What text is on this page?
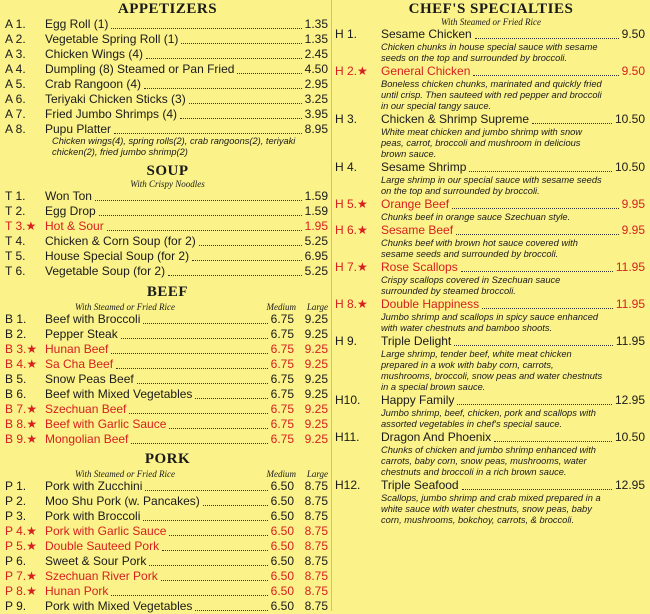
APPETIZERS
A 1.	Egg Roll (1)	1.35
A 2.	Vegetable Spring Roll (1)	1.35
A 3.	Chicken Wings (4)	2.45
A 4.	Dumpling (8) Steamed or Pan Fried	4.50
A 5.	Crab Rangoon (4)	2.95
A 6.	Teriyaki Chicken Sticks (3)	3.25
A 7.	Fried Jumbo Shrimps (4)	3.95
A 8.	Pupu Platter	8.95
Chicken wings(4), spring rolls(2), crab rangoons(2), teriyaki chicken(2), fried jumbo shrimp(2)
SOUP
With Crispy Noodles
T 1.	Won Ton	1.59
T 2.	Egg Drop	1.59
T 3.★ Hot & Sour	1.95
T 4.	Chicken & Corn Soup (for 2)	5.25
T 5.	House Special Soup (for 2)	6.95
T 6.	Vegetable Soup (for 2)	5.25
BEEF
With Steamed or Fried Rice	Medium	Large
B 1.	Beef with Broccoli	6.75 9.25
B 2.	Pepper Steak	6.75 9.25
B 3.★ Hunan Beef	6.75 9.25
B 4.★ Sa Cha Beef	6.75 9.25
B 5.	Snow Peas Beef	6.75 9.25
B 6.	Beef with Mixed Vegetables	6.75 9.25
B 7.★ Szechuan Beef	6.75 9.25
B 8.★ Beef with Garlic Sauce	6.75 9.25
B 9.★ Mongolian Beef	6.75 9.25
PORK
With Steamed or Fried Rice	Medium	Large
P 1.	Pork with Zucchini	6.50 8.75
P 2.	Moo Shu Pork (w. Pancakes)	6.50 8.75
P 3.	Pork with Broccoli	6.50 8.75
P 4.★ Pork with Garlic Sauce	6.50 8.75
P 5.★ Double Sauteed Pork	6.50 8.75
P 6.	Sweet & Sour Pork	6.50 8.75
P 7.★ Szechuan River Pork	6.50 8.75
P 8.★ Hunan Pork	6.50 8.75
P 9.	Pork with Mixed Vegetables	6.50 8.75
CHEF'S SPECIALTIES
With Steamed or Fried Rice
H 1.	Sesame Chicken	9.50
Chicken chunks in house special sauce with sesame seeds on the top and surrounded by broccoli.
H 2.★	General Chicken	9.50
Boneless chicken chunks, marinated and quickly fried until crisp. Then sauteed with red pepper and broccoli in our special tangy sauce.
H 3.	Chicken & Shrimp Supreme	10.50
White meat chicken and jumbo shrimp with snow peas, carrot, broccoli and mushroom in delicious brown sauce.
H 4.	Sesame Shrimp	10.50
Large shrimp in our special sauce with sesame seeds on the top and surrounded by broccoli.
H 5.★	Orange Beef	9.95
Chunks beef in orange sauce Szechuan style.
H 6.★	Sesame Beef	9.95
Chunks beef with brown hot sauce covered with sesame seeds and surrounded by broccoli.
H 7.★	Rose Scallops	11.95
Crispy scallops covered in Szechuan sauce surrounded by steamed broccoli.
H 8.★	Double Happiness	11.95
Jumbo shrimp and scallops in spicy sauce enhanced with water chestnuts and bamboo shoots.
H 9.	Triple Delight	11.95
Large shrimp, tender beef, white meat chicken prepared in a wok with baby corn, carrots, mushrooms, broccoli, snow peas and water chestnuts in a special brown sauce.
H10.	Happy Family	12.95
Jumbo shrimp, beef, chicken, pork and scallops with assorted vegetables in chef's special sauce.
H11.	Dragon And Phoenix	10.50
Chunks of chicken and jumbo shrimp enhanced with carrots, baby corn, snow peas, mushrooms, water chestnuts and broccoli in a rich brown sauce.
H12.	Triple Seafood	12.95
Scallops, jumbo shrimp and crab mixed prepared in a white sauce with water chestnuts, snow peas, baby corn, mushrooms, bokchoy, carrots, & broccoli.
